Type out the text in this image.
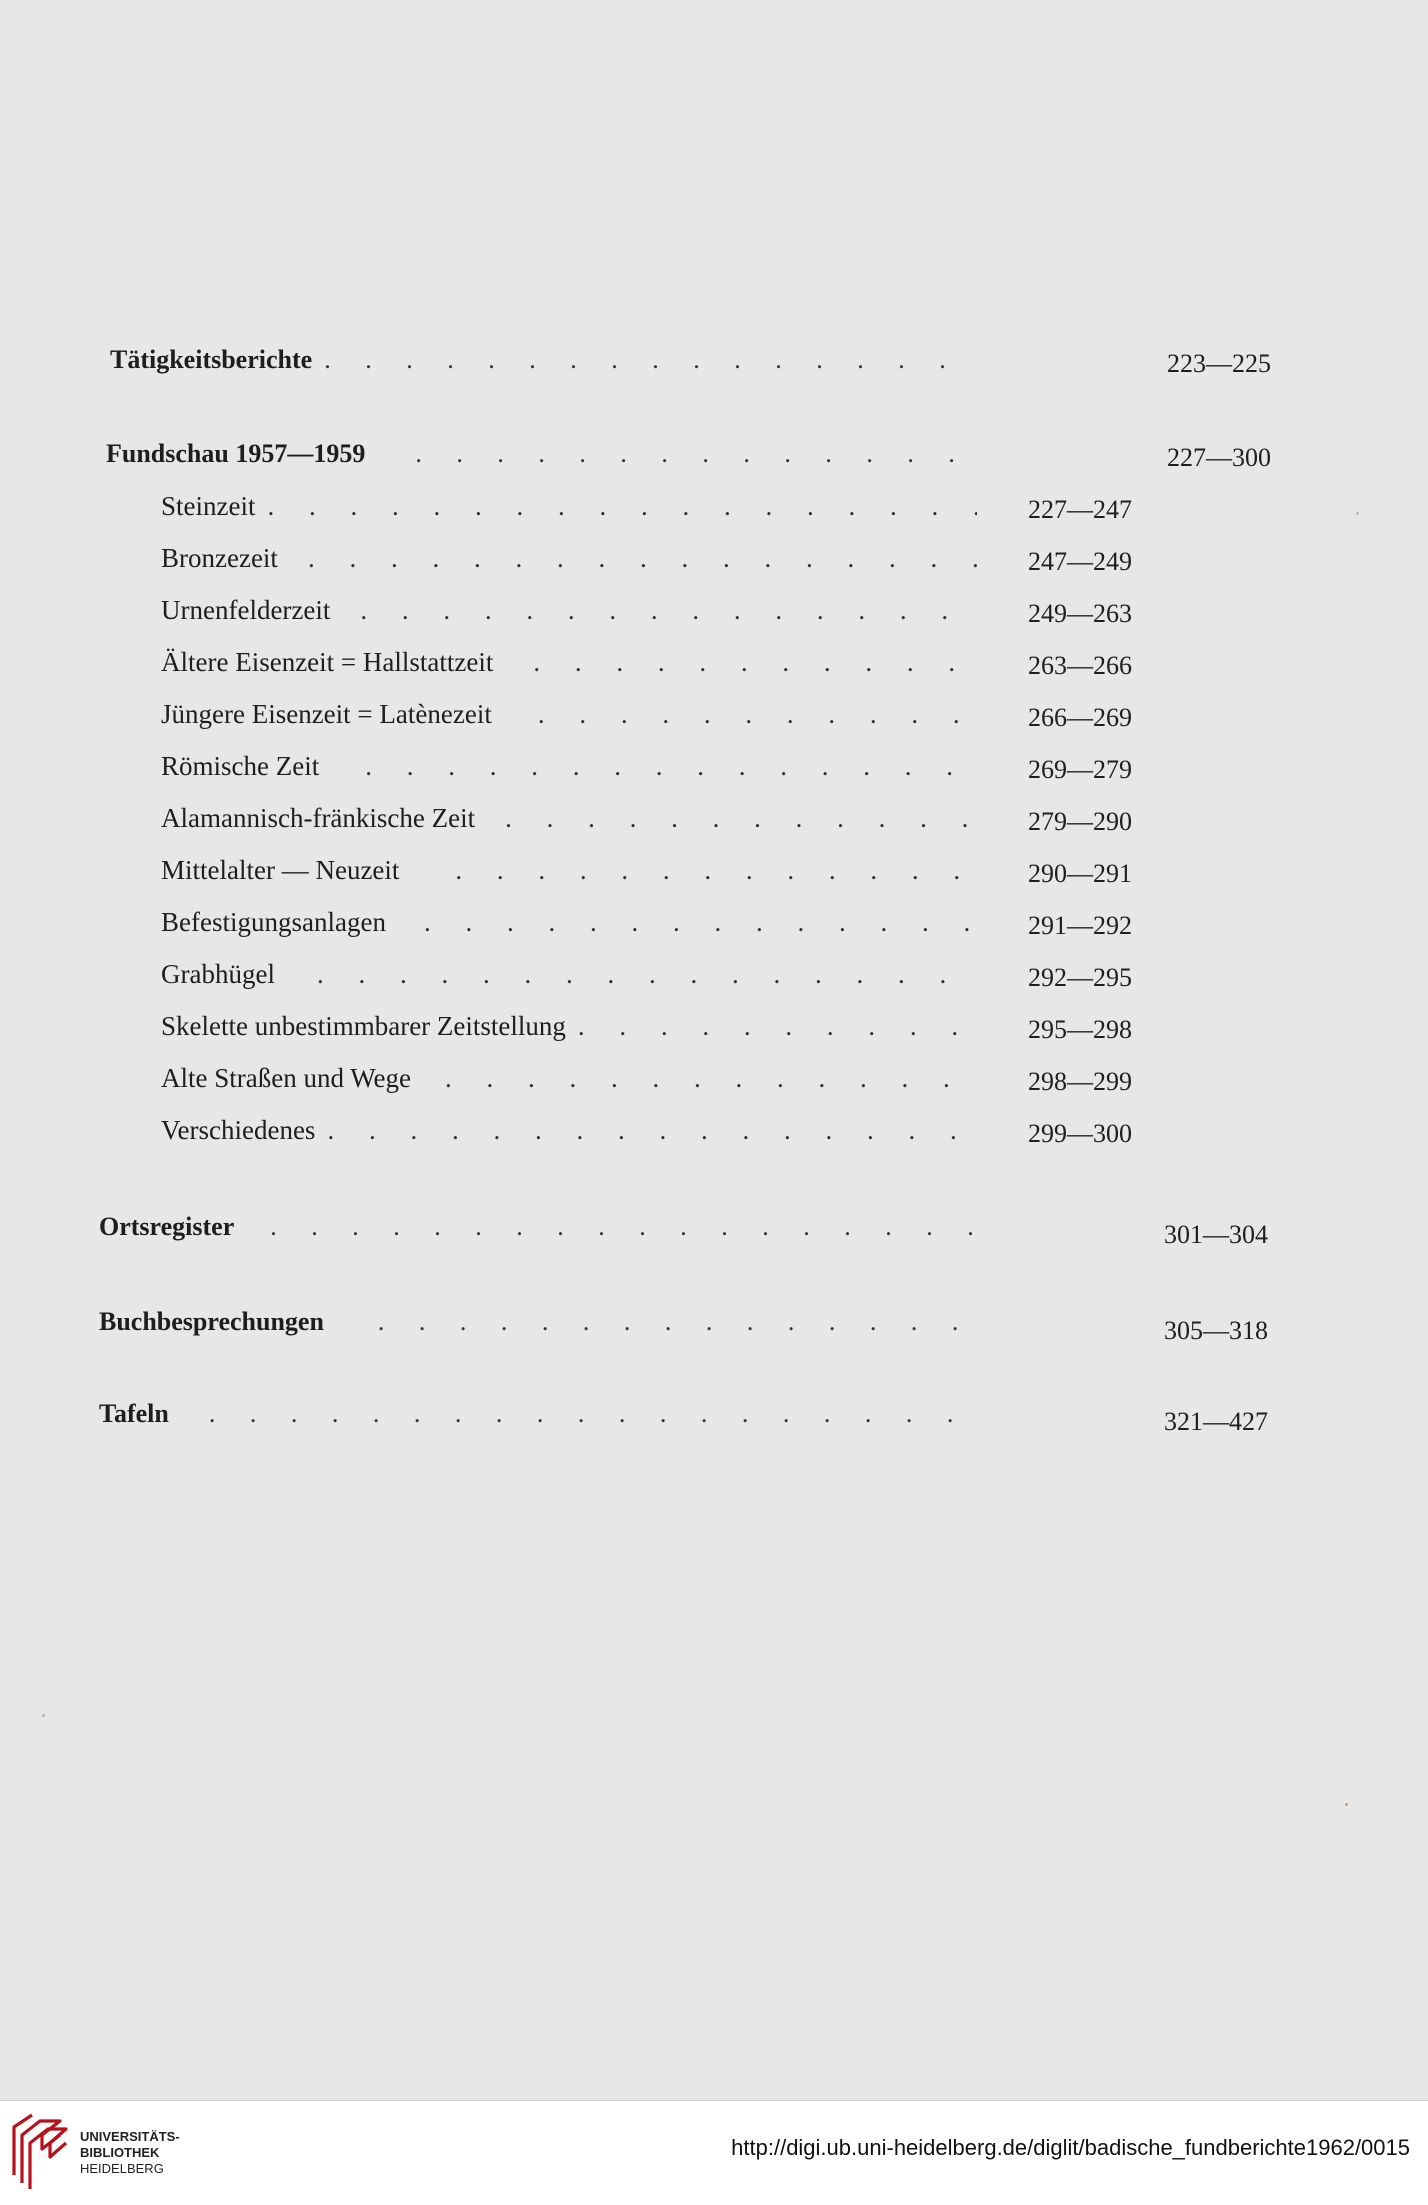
Tätigkeitsberichte . . .	223—225
Fundschau 1957—1959 . . .	227—300
Steinzeit . . .	227—247
Bronzezeit . . .	247—249
Urnenfelderzeit . . .	249—263
Ältere Eisenzeit = Hallstattzeit . . .	263—266
Jüngere Eisenzeit = Latènezeit . . .	266—269
Römische Zeit . . .	269—279
Alamannisch-fränkische Zeit . . .	279—290
Mittelalter — Neuzeit . . .	290—291
Befestigungsanlagen . . .	291—292
Grabhügel . . .	292—295
Skelette unbestimmbarer Zeitstellung . . .	295—298
Alte Straßen und Wege . . .	298—299
Verschiedenes . . .	299—300
Ortsregister . . .	301—304
Buchbesprechungen . . .	305—318
Tafeln . . .	321—427
UNIVERSITÄTS-
BIBLIOTHEK
HEIDELBERG
http://digi.ub.uni-heidelberg.de/diglit/badische_fundberichte1962/0015
